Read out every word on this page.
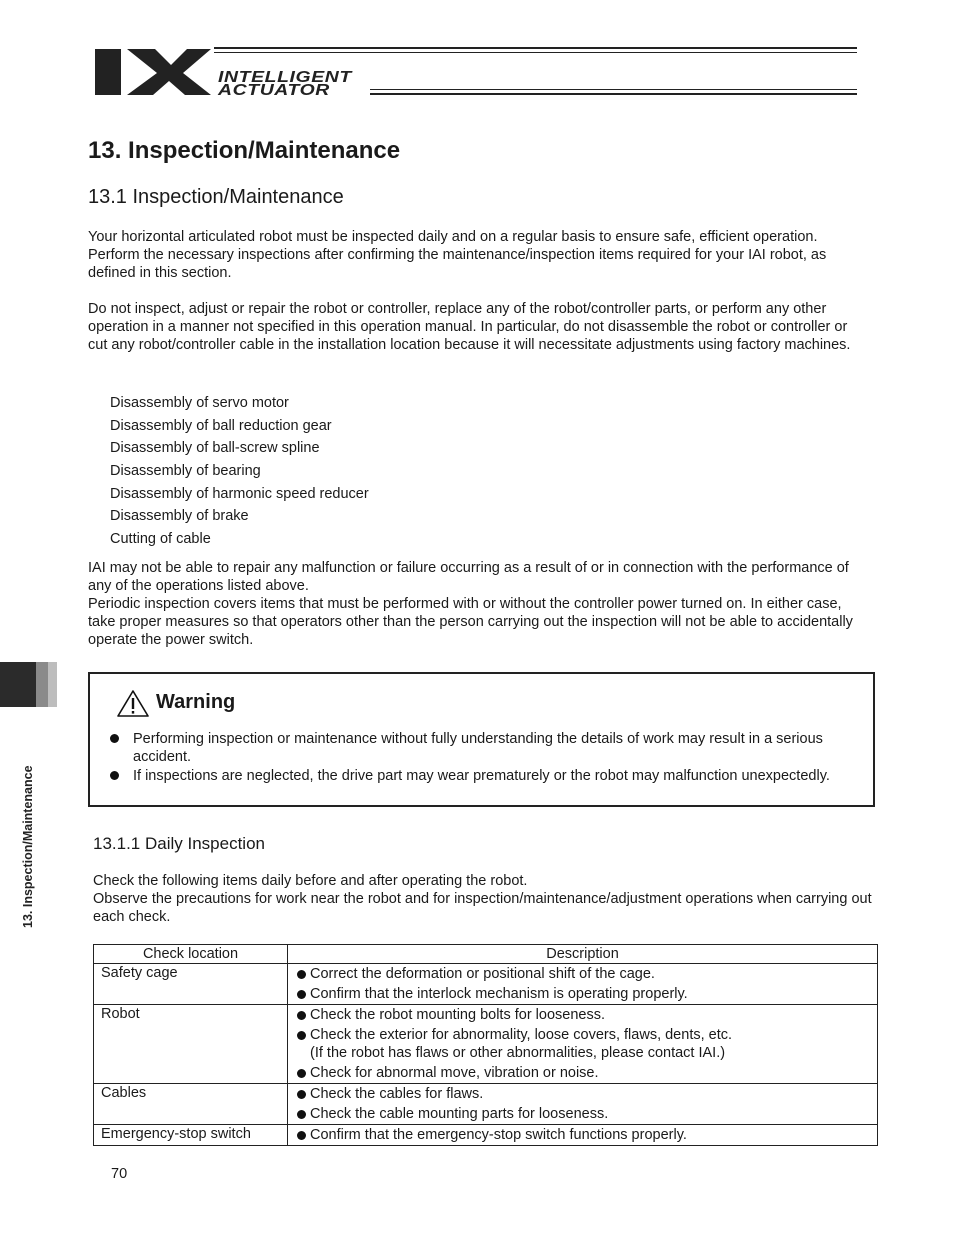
INTELLIGENT
ACTUATOR
13. Inspection/Maintenance
13. Inspection/Maintenance
13.1 Inspection/Maintenance

Your horizontal articulated robot must be inspected daily and on a regular basis to ensure safe, efficient operation. Perform the necessary inspections after confirming the maintenance/inspection items required for your IAI robot, as defined in this section.

Do not inspect, adjust or repair the robot or controller, replace any of the robot/controller parts, or perform any other operation in a manner not specified in this operation manual. In particular, do not disassemble the robot or controller or cut any robot/controller cable in the installation location because it will necessitate adjustments using factory machines.

Disassembly of servo motor
Disassembly of ball reduction gear
Disassembly of ball-screw spline
Disassembly of bearing
Disassembly of harmonic speed reducer
Disassembly of brake
Cutting of cable

IAI may not be able to repair any malfunction or failure occurring as a result of or in connection with the performance of any of the operations listed above.

Periodic inspection covers items that must be performed with or without the controller power turned on. In either case, take proper measures so that operators other than the person carrying out the inspection will not be able to accidentally operate the power switch.

Warning
Performing inspection or maintenance without fully understanding the details of work may result in a serious accident.
If inspections are neglected, the drive part may wear prematurely or the robot may malfunction unexpectedly.
13.1.1 Daily Inspection

Check the following items daily before and after operating the robot.

Observe the precautions for work near the robot and for inspection/maintenance/adjustment operations when carrying out each check.

Check location	Description
Safety cage	Correct the deformation or positional shift of the cage.
Confirm that the interlock mechanism is operating properly.

Robot	Check the robot mounting bolts for looseness.
Check the exterior for abnormality, loose covers, flaws, dents, etc.
(If the robot has flaws or other abnormalities, please contact IAI.)
Check for abnormal move, vibration or noise.

Cables	Check the cables for flaws.
Check the cable mounting parts for looseness.

Emergency-stop switch	Confirm that the emergency-stop switch functions properly.
70
